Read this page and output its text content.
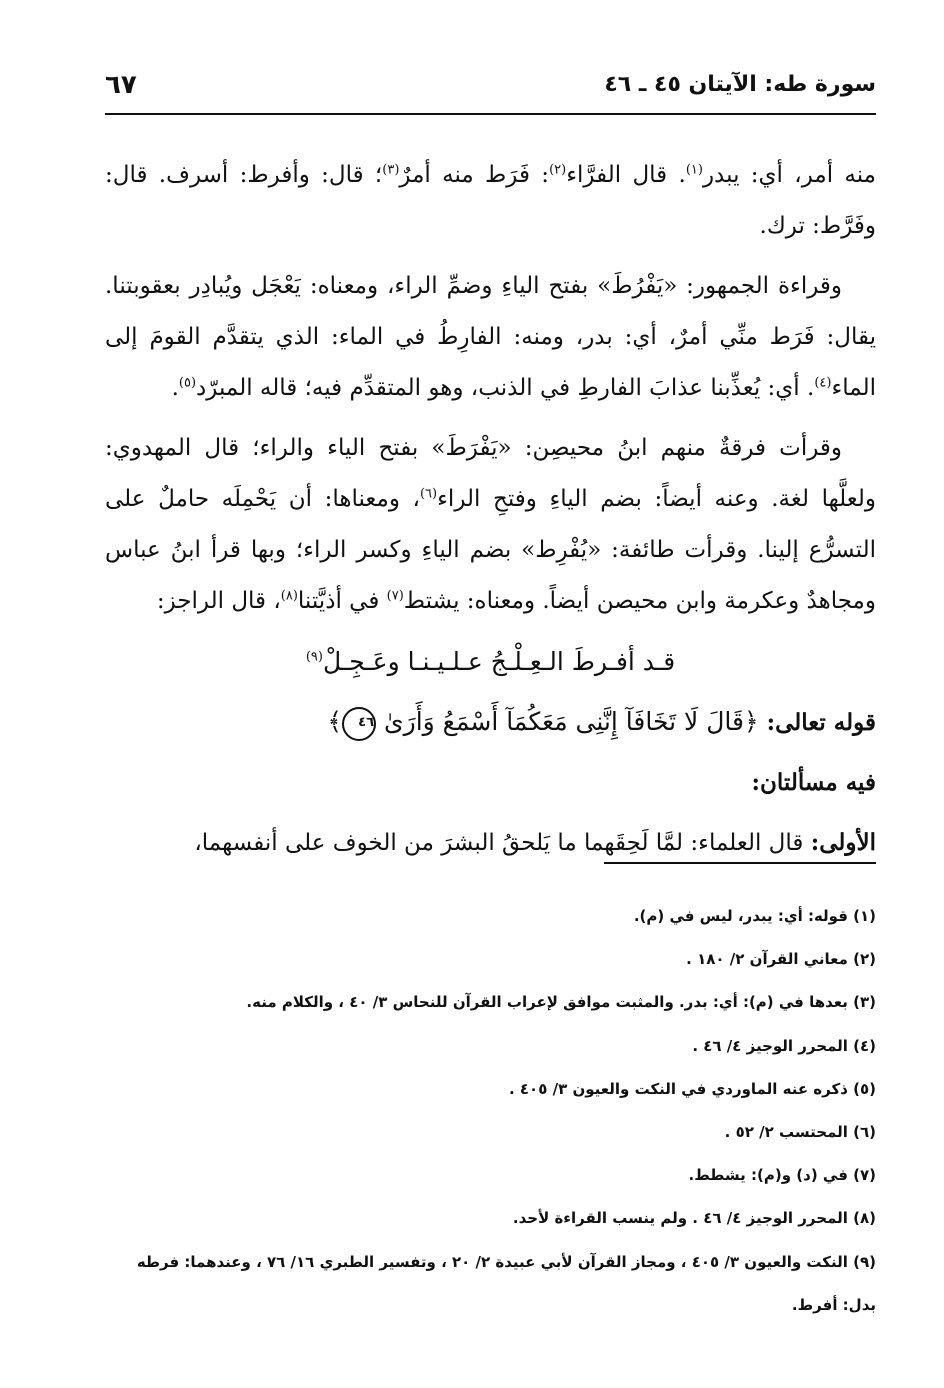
سورة طه: الآيتان ٤٥ ـ ٤٦
٦٧

منه أمر، أي: يبدر$^{(١)}$. قال الفرَّاء$^{(٢)}$: فَرَط منه أمرٌ$^{(٣)}$؛ قال: وأفرط: أسرف. قال: وفَرَّط: ترك.

وقراءة الجمهور: «يَفْرُطَ» بفتح الياءِ وضمِّ الراء، ومعناه: يَعْجَل ويُبادِر بعقوبتنا. يقال: فَرَط منِّي أمرٌ، أي: بدر، ومنه: الفارِطُ في الماء: الذي يتقدَّم القومَ إلى الماء$^{(٤)}$. أي: يُعذِّبنا عذابَ الفارطِ في الذنب، وهو المتقدِّم فيه؛ قاله المبرّد$^{(٥)}$.

وقرأت فرقةٌ منهم ابنُ محيصِن: «يَفْرَطَ» بفتح الياء والراء؛ قال المهدوي: ولعلَّها لغة. وعنه أيضاً: بضم الياءِ وفتحِ الراء$^{(٦)}$، ومعناها: أن يَحْمِلَه حاملٌ على التسرُّع إلينا. وقرأت طائفة: «يُفْرِط» بضم الياءِ وكسر الراء؛ وبها قرأ ابنُ عباس ومجاهدٌ وعكرمة وابن محيصن أيضاً. ومعناه: يشتط$^{(٧)}$ في أذيَّتنا$^{(٨)}$، قال الراجز:

قـد أفـرطَ الـعِـلْـجُ عـلـيـنـا وعَـجِـلْ$^{(٩)}$

قوله تعالى: ﴿قَالَ لَا تَخَافَآ إِنَّنِى مَعَكُمَآ أَسْمَعُ وَأَرَىٰ ٤٦﴾

فيه مسألتان:

الأولى: قال العلماء: لمَّا لَحِقَهما ما يَلحقُ البشرَ من الخوف على أنفسهما،

(١) قوله: أي: يبدر، ليس في (م).

(٢) معاني القرآن ٢/ ١٨٠ .

(٣) بعدها في (م): أي: بدر. والمثبت موافق لإعراب القرآن للنحاس ٣/ ٤٠ ، والكلام منه.

(٤) المحرر الوجيز ٤/ ٤٦ .

(٥) ذكره عنه الماوردي في النكت والعيون ٣/ ٤٠٥ .

(٦) المحتسب ٢/ ٥٢ .

(٧) في (د) و(م): يشطط.

(٨) المحرر الوجيز ٤/ ٤٦ . ولم ينسب القراءة لأحد.

(٩) النكت والعيون ٣/ ٤٠٥ ، ومجاز القرآن لأبي عبيدة ٢/ ٢٠ ، وتفسير الطبري ١٦/ ٧٦ ، وعندهما: فرطه بدل: أفرط.
